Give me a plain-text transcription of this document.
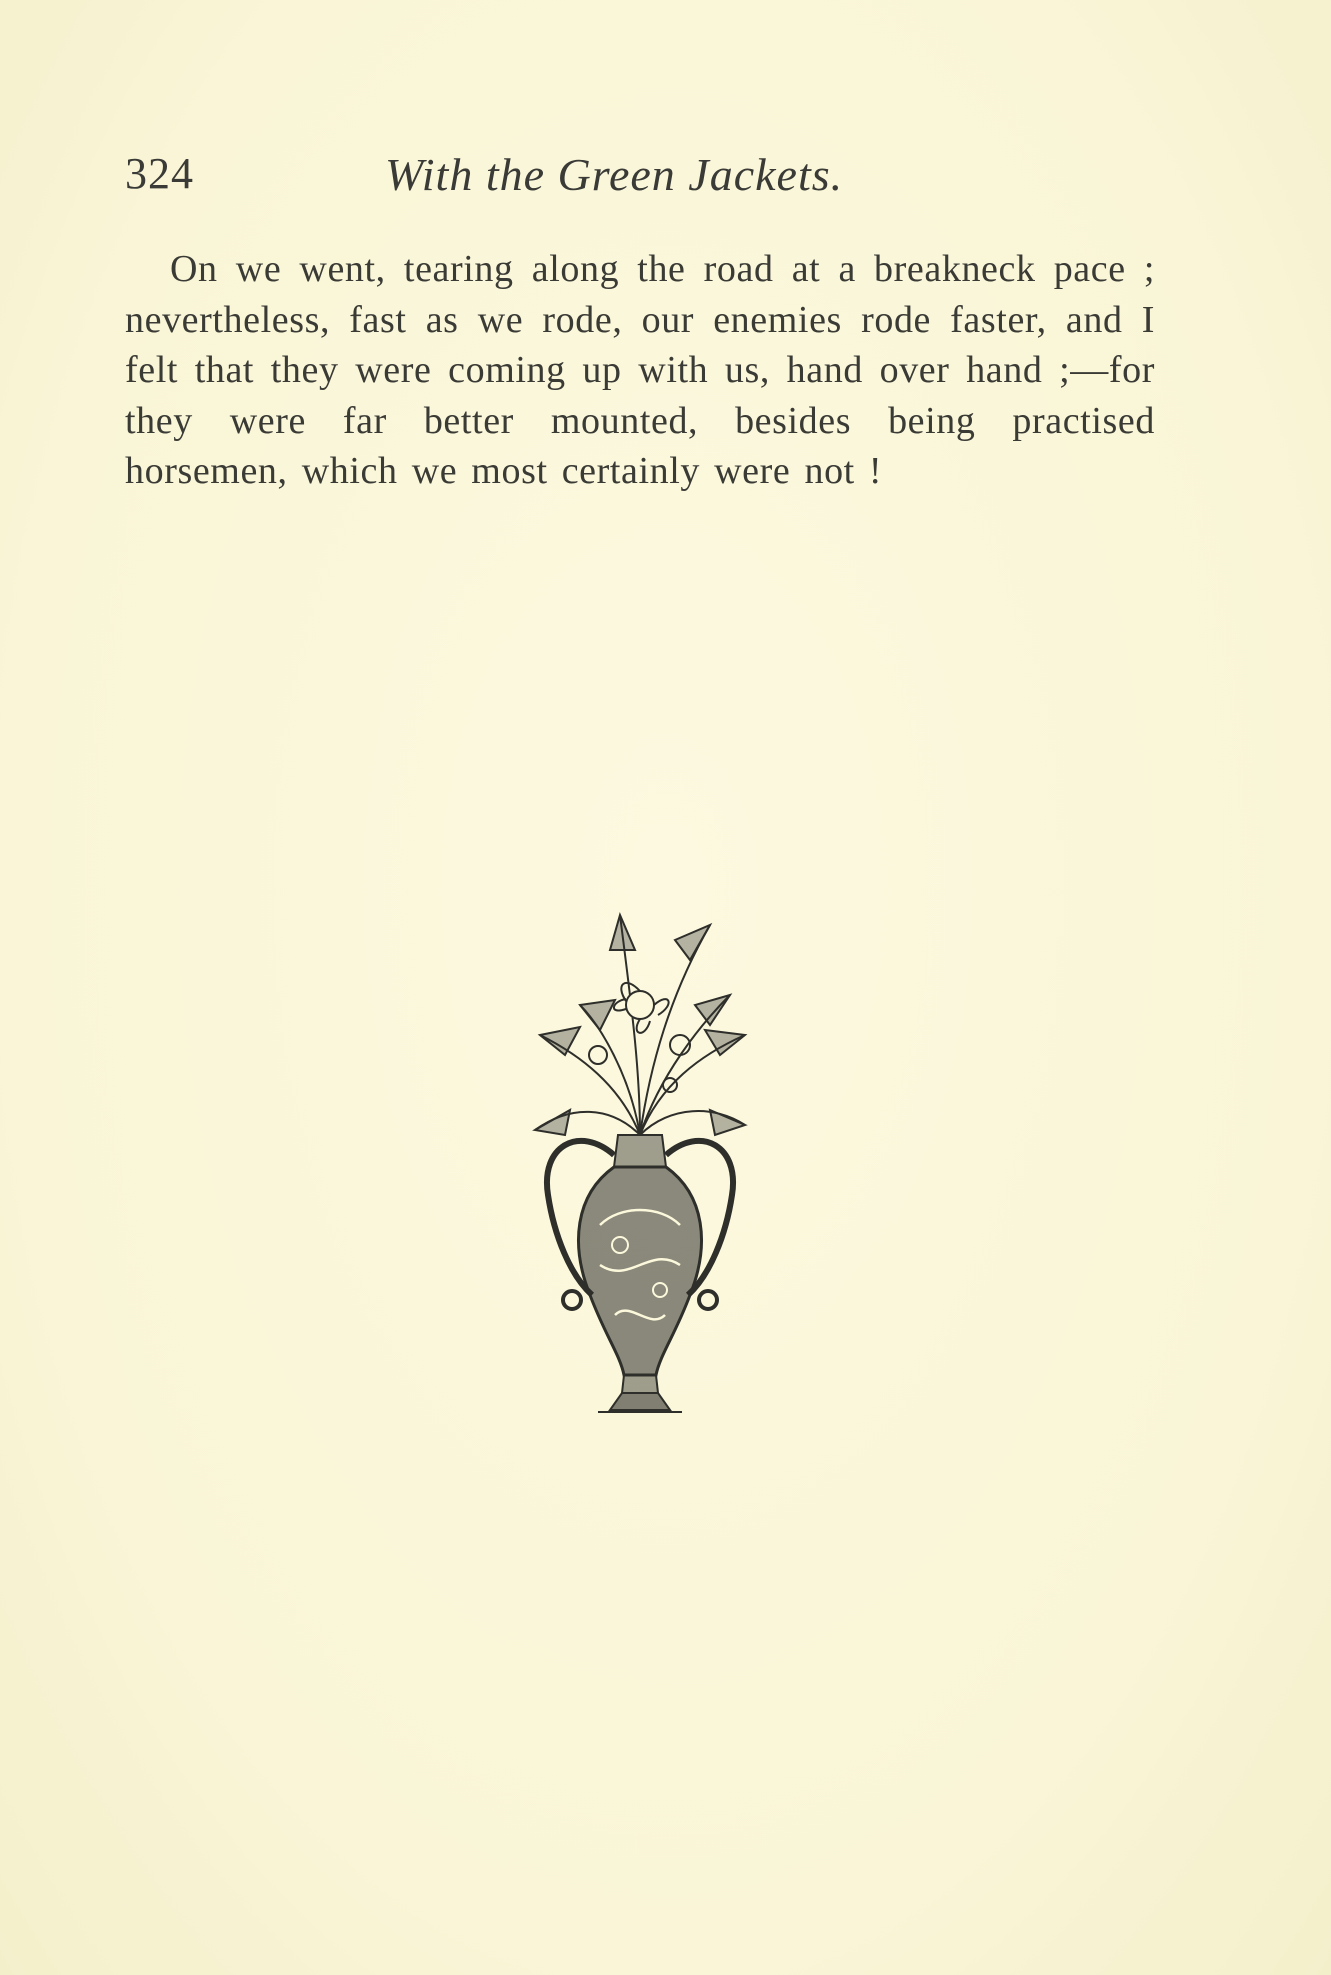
324	With the Green Jackets.

On we went, tearing along the road at a breakneck pace ; nevertheless, fast as we rode, our enemies rode faster, and I felt that they were coming up with us, hand over hand ;—for they were far better mounted, besides being practised horsemen, which we most certainly were not !
